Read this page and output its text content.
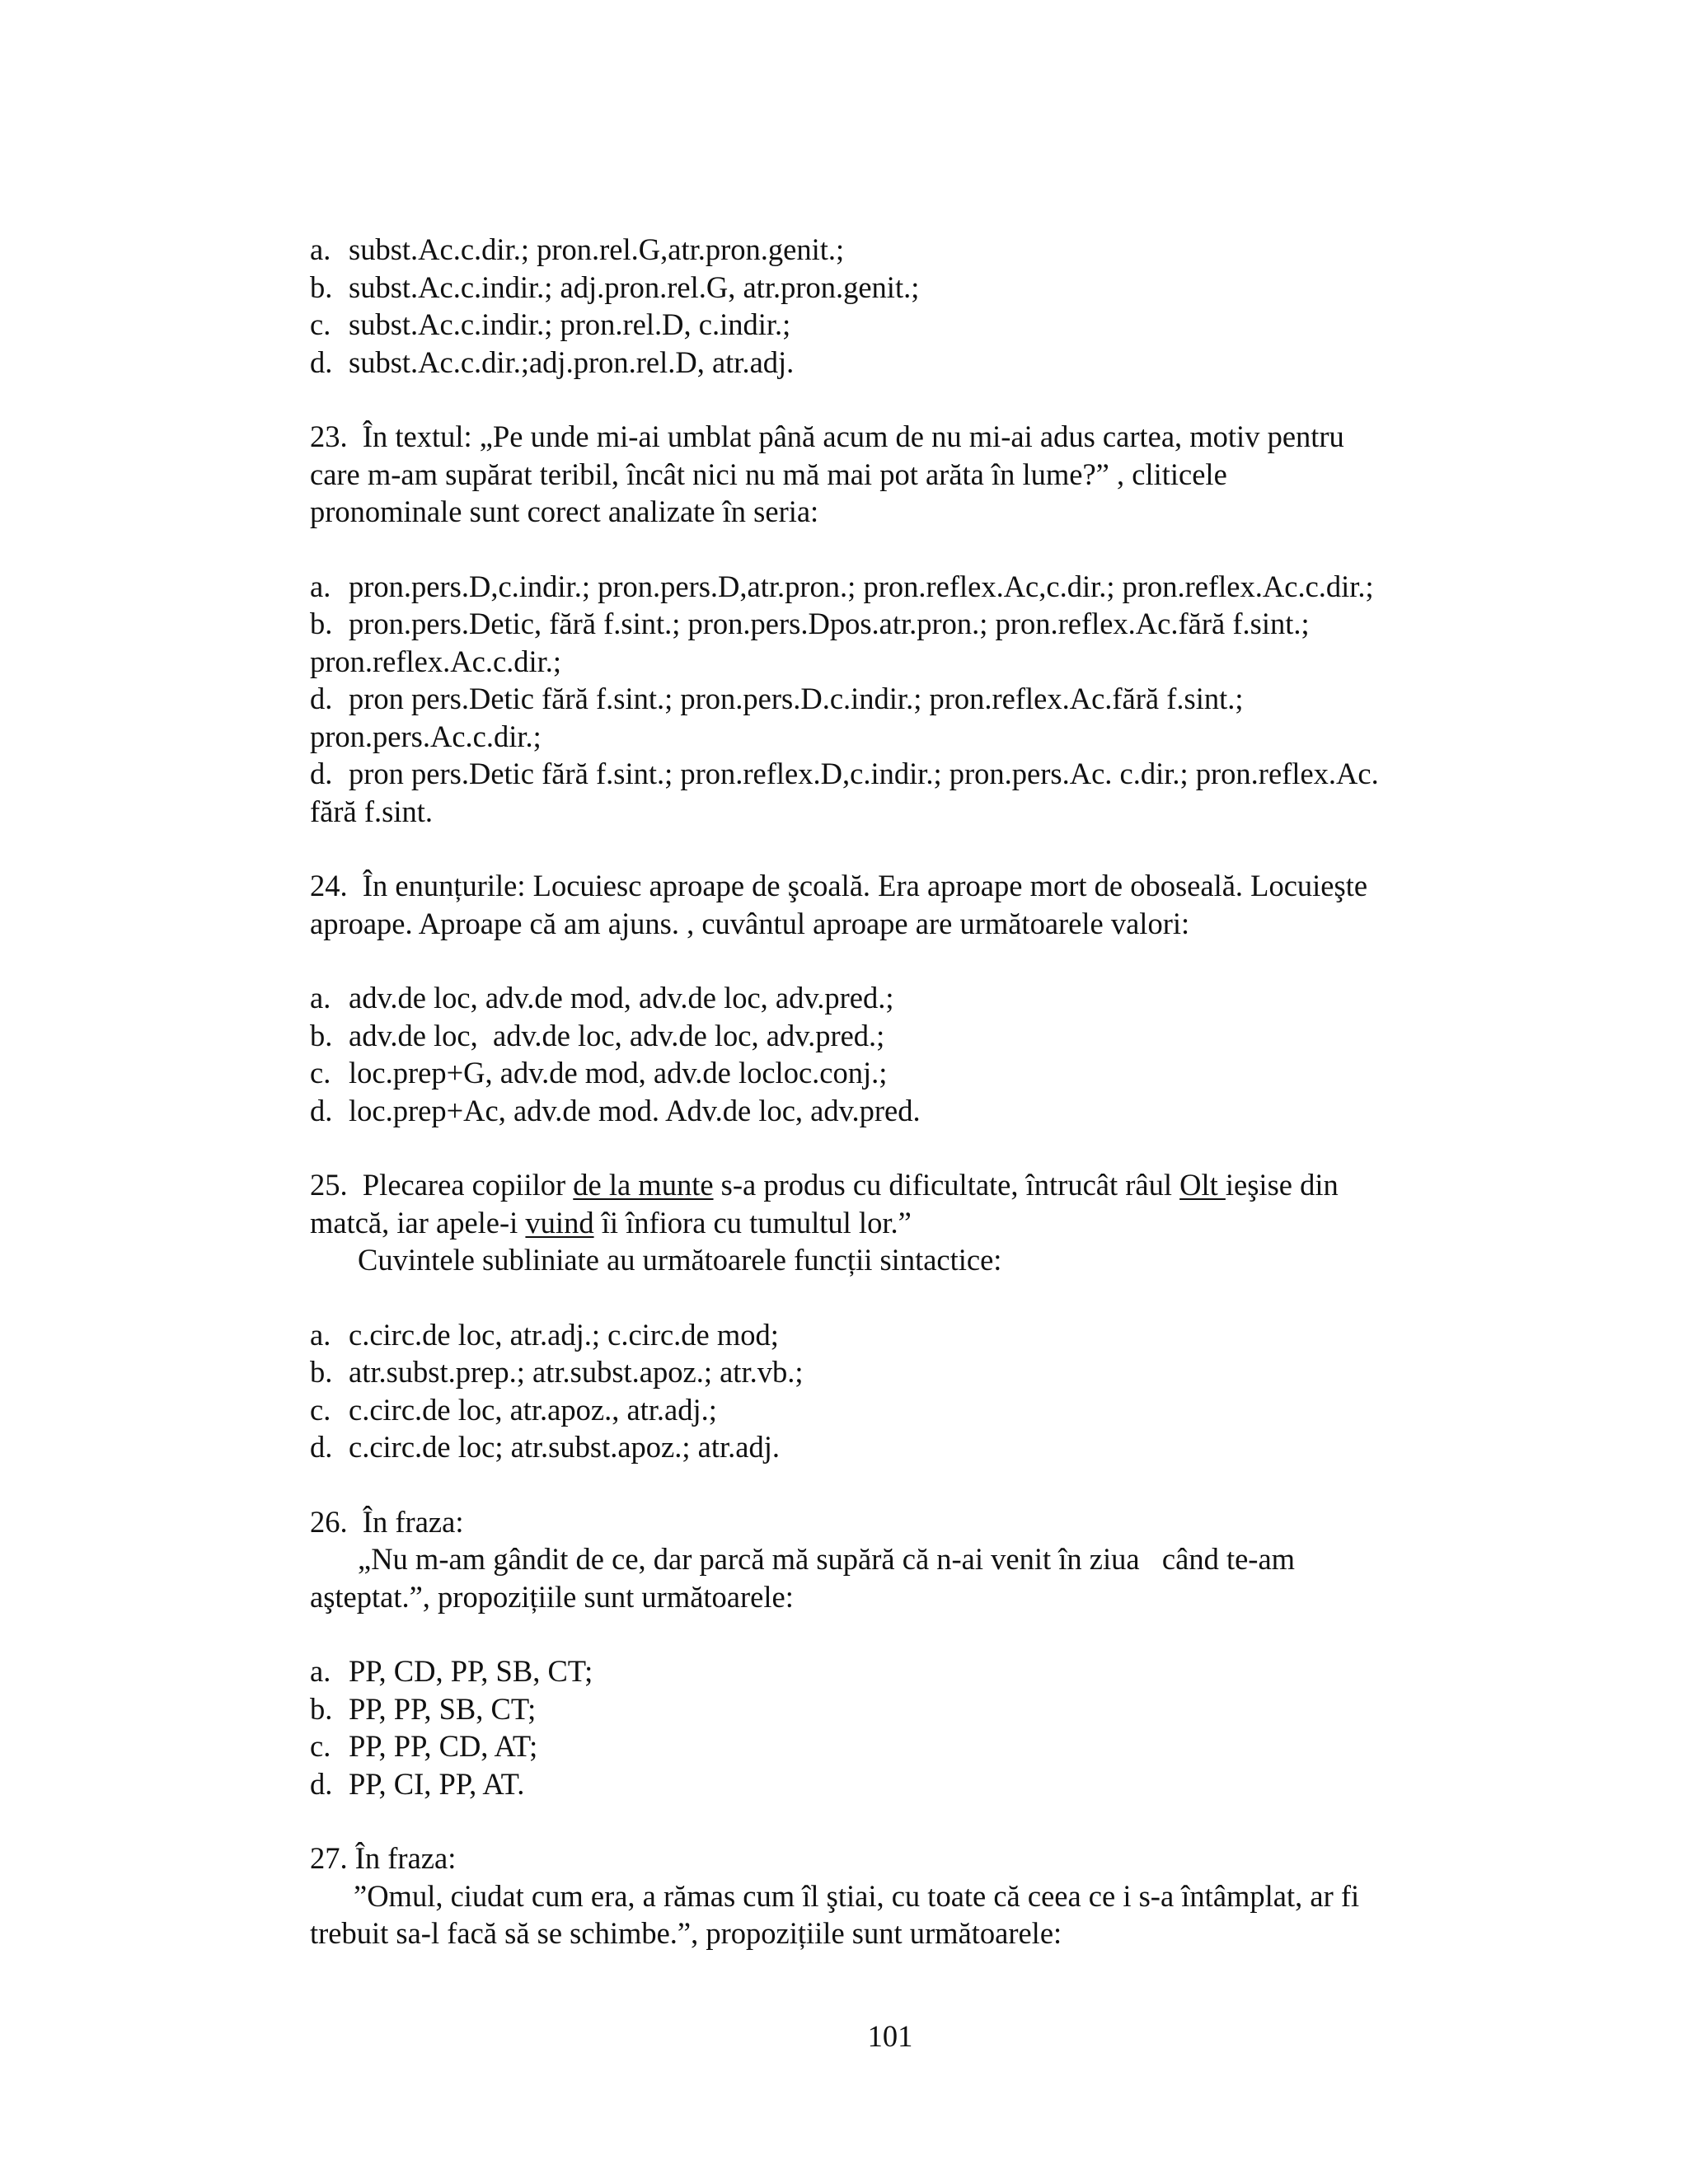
a. subst.Ac.c.dir.; pron.rel.G,atr.pron.genit.;
b. subst.Ac.c.indir.; adj.pron.rel.G, atr.pron.genit.;
c. subst.Ac.c.indir.; pron.rel.D, c.indir.;
d. subst.Ac.c.dir.;adj.pron.rel.D, atr.adj.
23. În textul: „Pe unde mi-ai umblat până acum de nu mi-ai adus cartea, motiv pentru
care m-am supărat teribil, încât nici nu mă mai pot arăta în lume?” , cliticele
pronominale sunt corect analizate în seria:
a. pron.pers.D,c.indir.; pron.pers.D,atr.pron.; pron.reflex.Ac,c.dir.; pron.reflex.Ac.c.dir.;
b. pron.pers.Detic, fără f.sint.; pron.pers.Dpos.atr.pron.; pron.reflex.Ac.fără f.sint.;
pron.reflex.Ac.c.dir.;
d. pron pers.Detic fără f.sint.; pron.pers.D.c.indir.; pron.reflex.Ac.fără f.sint.;
pron.pers.Ac.c.dir.;
d. pron pers.Detic fără f.sint.; pron.reflex.D,c.indir.; pron.pers.Ac. c.dir.; pron.reflex.Ac.
fără f.sint.
24. În enunțurile: Locuiesc aproape de şcoală. Era aproape mort de oboseală. Locuieşte
aproape. Aproape că am ajuns. , cuvântul aproape are următoarele valori:
a. adv.de loc, adv.de mod, adv.de loc, adv.pred.;
b. adv.de loc,  adv.de loc, adv.de loc, adv.pred.;
c. loc.prep+G, adv.de mod, adv.de locloc.conj.;
d. loc.prep+Ac, adv.de mod. Adv.de loc, adv.pred.
25. Plecarea copiilor de la munte s-a produs cu dificultate, întrucât râul Olt ieşise din
matcă, iar apele-i vuind îi înfiora cu tumultul lor.”
Cuvintele subliniate au următoarele funcții sintactice:
a. c.circ.de loc, atr.adj.; c.circ.de mod;
b. atr.subst.prep.; atr.subst.apoz.; atr.vb.;
c. c.circ.de loc, atr.apoz., atr.adj.;
d. c.circ.de loc; atr.subst.apoz.; atr.adj.
26. În fraza:
„Nu m-am gândit de ce, dar parcă mă supără că n-ai venit în ziua   când te-am
aşteptat.”, propozițiile sunt următoarele:
a. PP, CD, PP, SB, CT;
b. PP, PP, SB, CT;
c. PP, PP, CD, AT;
d. PP, CI, PP, AT.
27. În fraza:
”Omul, ciudat cum era, a rămas cum îl ştiai, cu toate că ceea ce i s-a întâmplat, ar fi
trebuit sa-l facă să se schimbe.”, propozițiile sunt următoarele:
101
